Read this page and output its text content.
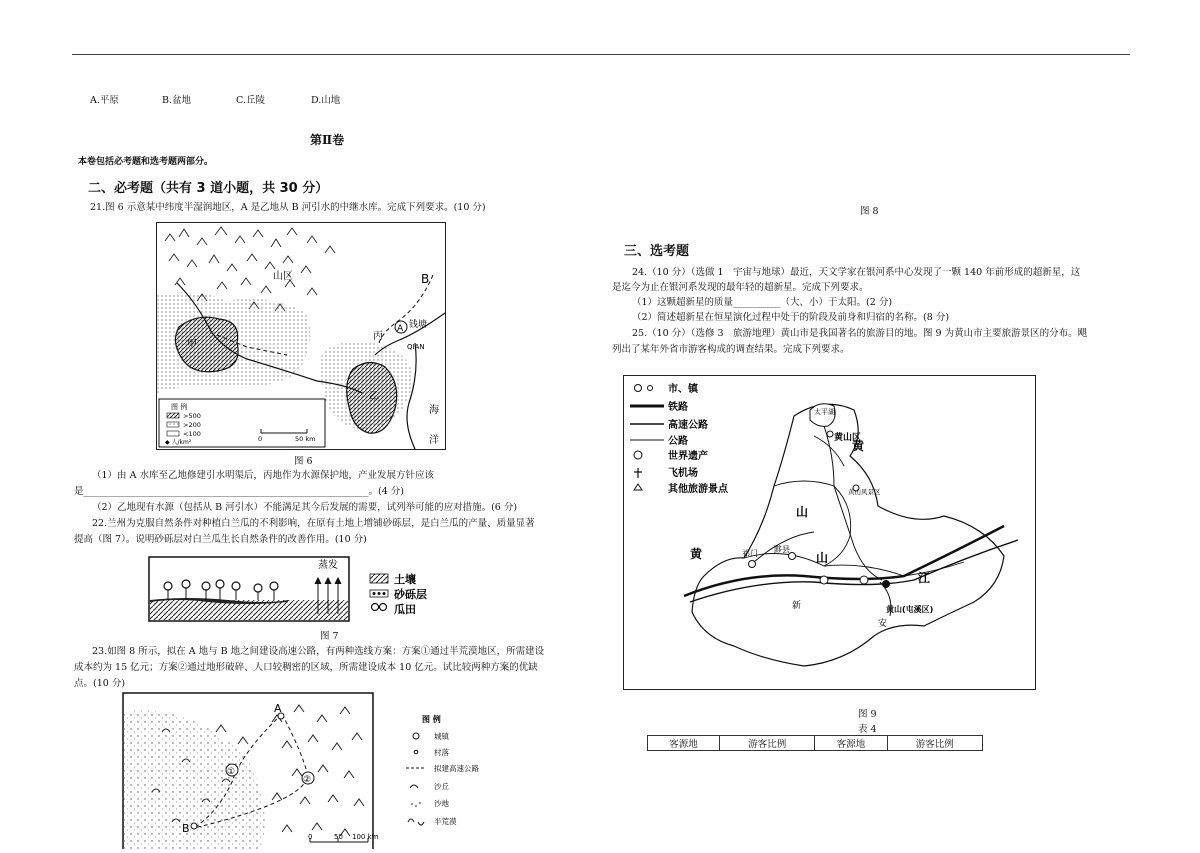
A.平原	B.盆地	C.丘陵	D.山地
第Ⅱ卷
本卷包括必考题和选考题两部分。
二、必考题（共有 3 道小题，共 30 分）
21.图 6 示意某中纬度半湿润地区，A 是乙地从 B 河引水的中继水库。完成下列要求。(10 分)
山区	B
A 钱塘
QIAN
丙
甲
乙
海
洋
图 例
>500
>200
<100
◆ 人/km²	0	50 km
图 6
（1）由 A 水库至乙地修建引水明渠后，丙地作为水源保护地，产业发展方针应该
是____________________________________________________________。(4 分)
（2）乙地现有水源（包括从 B 河引水）不能满足其今后发展的需要，试列举可能的应对措施。(6 分)
22.兰州为克服自然条件对种植白兰瓜的不利影响，在原有土地上增铺砂砾层，是白兰瓜的产量、质量显著
提高（图 7）。说明砂砾层对白兰瓜生长自然条件的改善作用。(10 分)
蒸发
土壤
砂砾层
瓜田
图 7
23.如图 8 所示，拟在 A 地与 B 地之间建设高速公路，有两种选线方案：方案①通过半荒漠地区，所需建设
成本约为 15 亿元；方案②通过地形破碎、人口较稠密的区域，所需建设成本 10 亿元。试比较两种方案的优缺
点。(10 分)
A
B
①
②
0	50 100 km
图 例
城镇
村落
拟建高速公路
沙丘
沙地
半荒漠
图 8
三、选考题
24.（10 分）（选做 1　宇宙与地球）最近，天文学家在银河系中心发现了一颗 140 年前形成的超新星，这
是迄今为止在银河系发现的最年轻的超新星。完成下列要求。
（1）这颗超新星的质量__________（大、小）于太阳。(2 分)
（2）简述超新星在恒星演化过程中处于的阶段及前身和归宿的名称。(8 分)
25.（10 分）（选修 3　旅游地理）黄山市是我国著名的旅游目的地。图 9 为黄山市主要旅游景区的分布。飓
列出了某年外省市游客构成的调查结果。完成下列要求。
市、镇
铁路
高速公路
公路
世界遗产
飞机场
其他旅游景点
太平湖
黄山区
黄
黄山风景区
山
山
黄	祁门 黟县
江
新
安
黄山(屯溪区)
图 9
表 4
客源地	游客比例	客源地	游客比例
